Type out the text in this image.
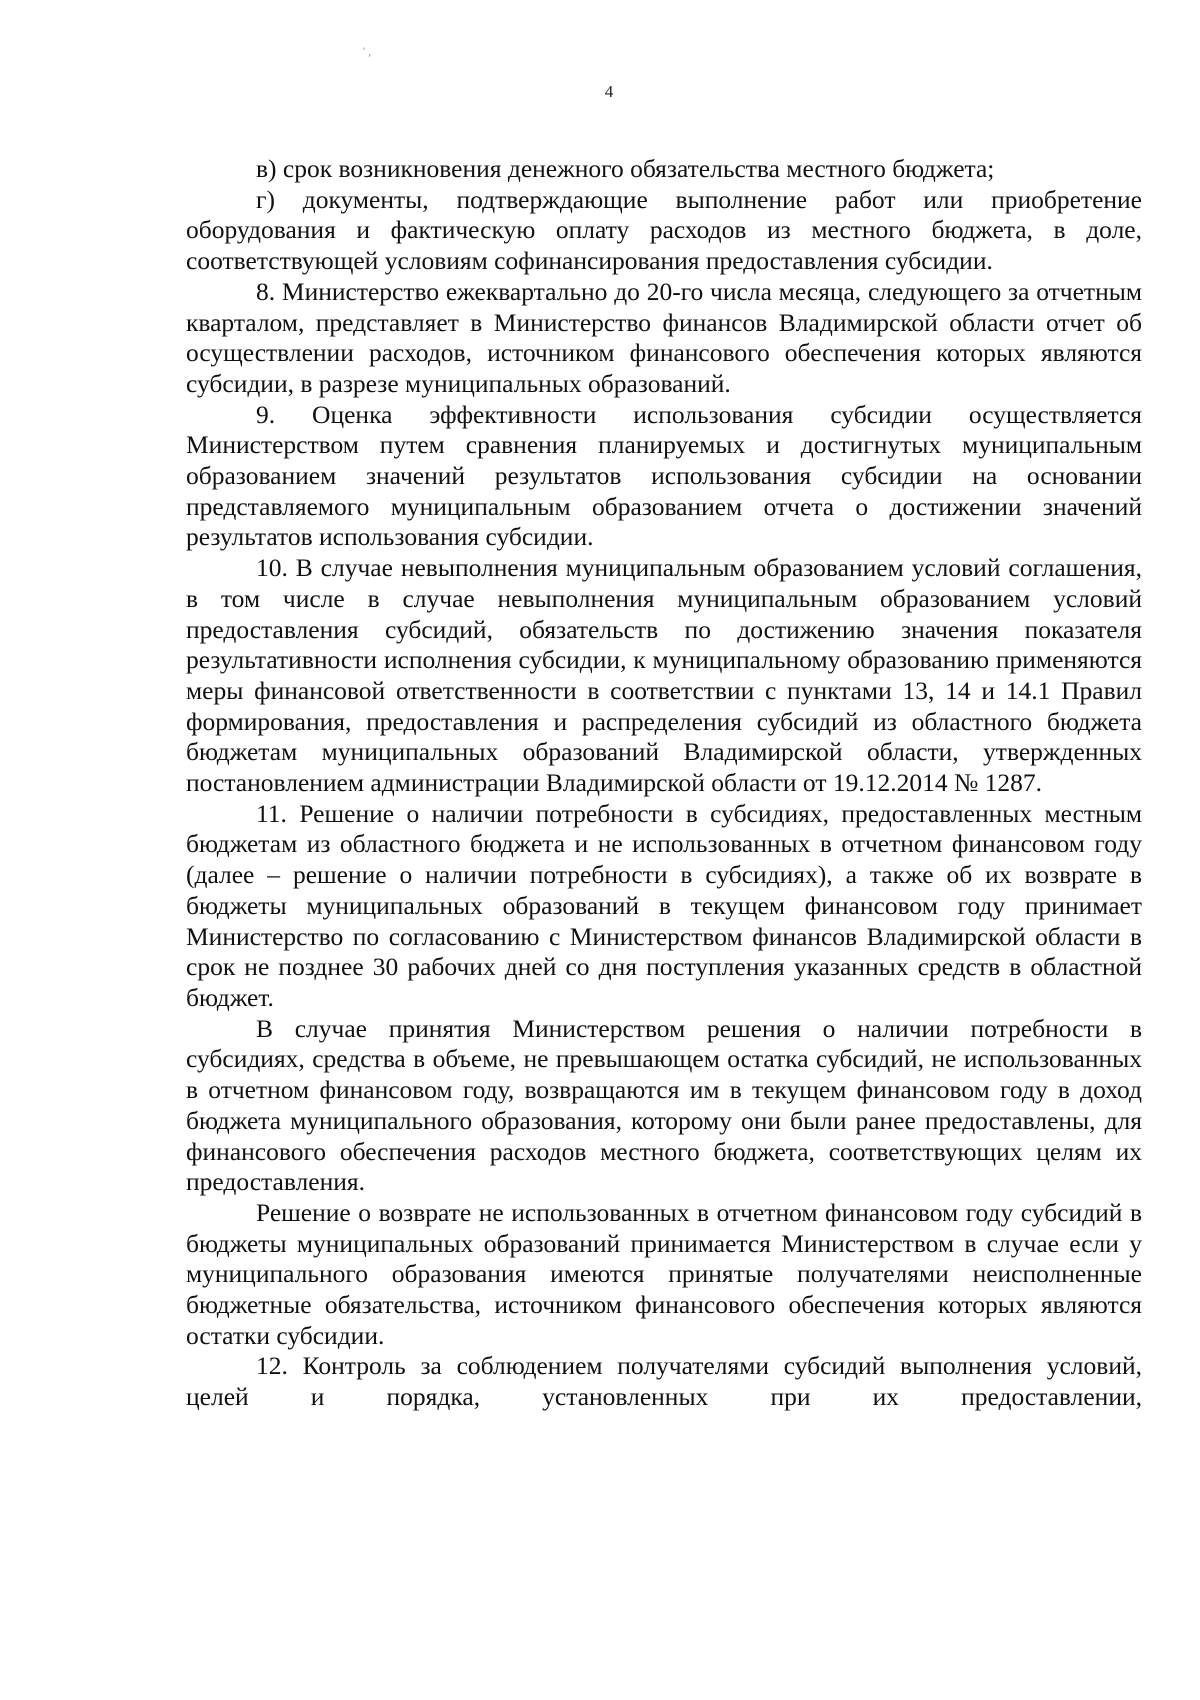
' ,
4

в) срок возникновения денежного обязательства местного бюджета;

г) документы, подтверждающие выполнение работ или приобретение оборудования и фактическую оплату расходов из местного бюджета, в доле, соответствующей условиям софинансирования предоставления субсидии.

8. Министерство ежеквартально до 20-го числа месяца, следующего за отчетным кварталом, представляет в Министерство финансов Владимирской области отчет об осуществлении расходов, источником финансового обеспечения которых являются субсидии, в разрезе муниципальных образований.

9. Оценка эффективности использования субсидии осуществляется Министерством путем сравнения планируемых и достигнутых муниципальным образованием значений результатов использования субсидии на основании представляемого муниципальным образованием отчета о достижении значений результатов использования субсидии.

10. В случае невыполнения муниципальным образованием условий соглашения, в том числе в случае невыполнения муниципальным образованием условий предоставления субсидий, обязательств по достижению значения показателя результативности исполнения субсидии, к муниципальному образованию применяются меры финансовой ответственности в соответствии с пунктами 13, 14 и 14.1 Правил формирования, предоставления и распределения субсидий из областного бюджета бюджетам муниципальных образований Владимирской области, утвержденных постановлением администрации Владимирской области от 19.12.2014 № 1287.

11. Решение о наличии потребности в субсидиях, предоставленных местным бюджетам из областного бюджета и не использованных в отчетном финансовом году (далее – решение о наличии потребности в субсидиях), а также об их возврате в бюджеты муниципальных образований в текущем финансовом году принимает Министерство по согласованию с Министерством финансов Владимирской области в срок не позднее 30 рабочих дней со дня поступления указанных средств в областной бюджет.

В случае принятия Министерством решения о наличии потребности в субсидиях, средства в объеме, не превышающем остатка субсидий, не использованных в отчетном финансовом году, возвращаются им в текущем финансовом году в доход бюджета муниципального образования, которому они были ранее предоставлены, для финансового обеспечения расходов местного бюджета, соответствующих целям их предоставления.

Решение о возврате не использованных в отчетном финансовом году субсидий в бюджеты муниципальных образований принимается Министерством в случае если у муниципального образования имеются принятые получателями неисполненные бюджетные обязательства, источником финансового обеспечения которых являются остатки субсидии.

12. Контроль за соблюдением получателями субсидий выполнения условий, целей и порядка, установленных при их предоставлении,
